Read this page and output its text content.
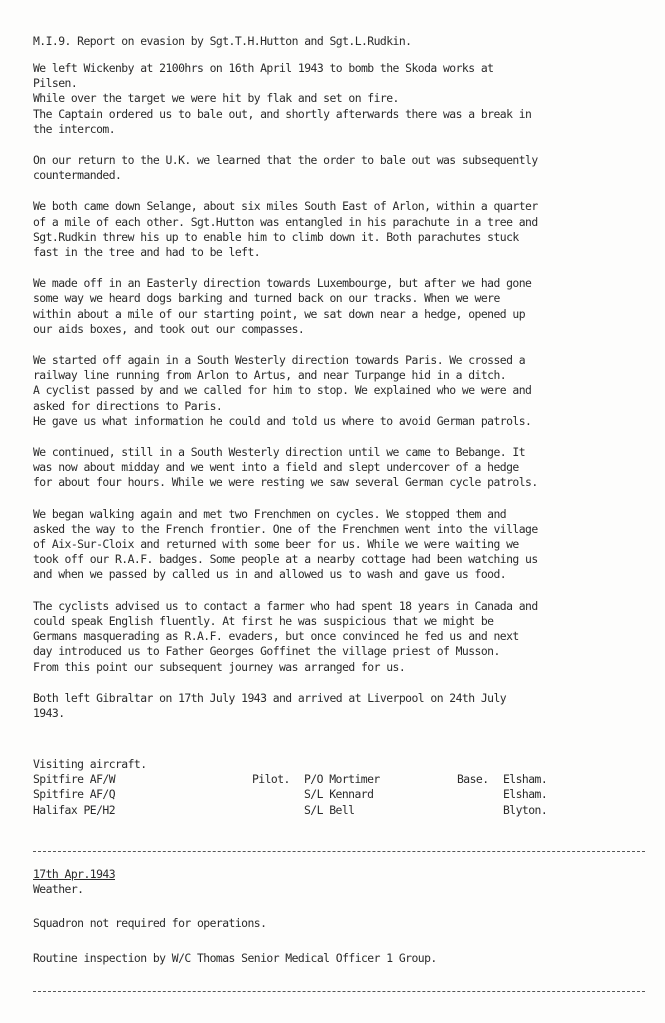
M.I.9. Report on evasion by Sgt.T.H.Hutton and Sgt.L.Rudkin.
We left Wickenby at 2100hrs on 16th April 1943 to bomb the Skoda works at
Pilsen.
While over the target we were hit by flak and set on fire.
The Captain ordered us to bale out, and shortly afterwards there was a break in
the intercom.
On our return to the U.K. we learned that the order to bale out was subsequently
countermanded.
We both came down Selange, about six miles South East of Arlon, within a quarter
of a mile of each other. Sgt.Hutton was entangled in his parachute in a tree and
Sgt.Rudkin threw his up to enable him to climb down it. Both parachutes stuck
fast in the tree and had to be left.
We made off in an Easterly direction towards Luxembourge, but after we had gone
some way we heard dogs barking and turned back on our tracks. When we were
within about a mile of our starting point, we sat down near a hedge, opened up
our aids boxes, and took out our compasses.
We started off again in a South Westerly direction towards Paris. We crossed a
railway line running from Arlon to Artus, and near Turpange hid in a ditch.
A cyclist passed by and we called for him to stop. We explained who we were and
asked for directions to Paris.
He gave us what information he could and told us where to avoid German patrols.
We continued, still in a South Westerly direction until we came to Bebange. It
was now about midday and we went into a field and slept undercover of a hedge
for about four hours. While we were resting we saw several German cycle patrols.
We began walking again and met two Frenchmen on cycles. We stopped them and
asked the way to the French frontier. One of the Frenchmen went into the village
of Aix-Sur-Cloix and returned with some beer for us. While we were waiting we
took off our R.A.F. badges. Some people at a nearby cottage had been watching us
and when we passed by called us in and allowed us to wash and gave us food.
The cyclists advised us to contact a farmer who had spent 18 years in Canada and
could speak English fluently. At first he was suspicious that we might be
Germans masquerading as R.A.F. evaders, but once convinced he fed us and next
day introduced us to Father Georges Goffinet the village priest of Musson.
From this point our subsequent journey was arranged for us.
Both left Gibraltar on 17th July 1943 and arrived at Liverpool on 24th July
1943.
Visiting aircraft.
Spitfire AF/W	Pilot. P/O Mortimer	Base. Elsham.
Spitfire AF/Q	S/L Kennard	Elsham.
Halifax PE/H2	S/L Bell	Blyton.
17th Apr.1943
Weather.
Squadron not required for operations.
Routine inspection by W/C Thomas Senior Medical Officer 1 Group.
